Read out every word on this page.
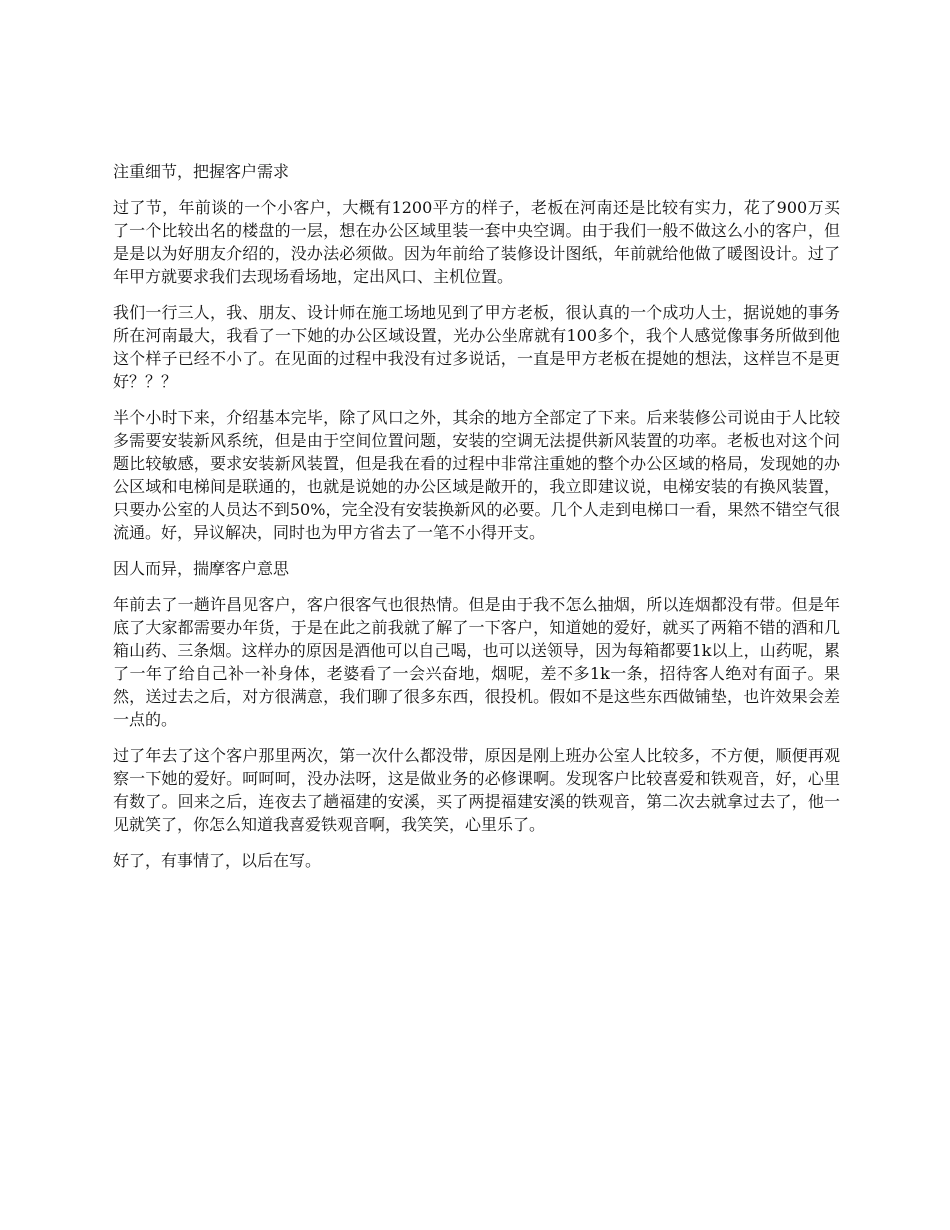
注重细节，把握客户需求

过了节，年前谈的一个小客户，大概有1200平方的样子，老板在河南还是比较有实力，花了900万买了一个比较出名的楼盘的一层，想在办公区域里装一套中央空调。由于我们一般不做这么小的客户，但是是以为好朋友介绍的，没办法必须做。因为年前给了装修设计图纸，年前就给他做了暖图设计。过了年甲方就要求我们去现场看场地，定出风口、主机位置。

我们一行三人，我、朋友、设计师在施工场地见到了甲方老板，很认真的一个成功人士，据说她的事务所在河南最大，我看了一下她的办公区域设置，光办公坐席就有100多个，我个人感觉像事务所做到他这个样子已经不小了。在见面的过程中我没有过多说话，一直是甲方老板在提她的想法，这样岂不是更好？？？

半个小时下来，介绍基本完毕，除了风口之外，其余的地方全部定了下来。后来装修公司说由于人比较多需要安装新风系统，但是由于空间位置问题，安装的空调无法提供新风装置的功率。老板也对这个问题比较敏感，要求安装新风装置，但是我在看的过程中非常注重她的整个办公区域的格局，发现她的办公区域和电梯间是联通的，也就是说她的办公区域是敞开的，我立即建议说，电梯安装的有换风装置，只要办公室的人员达不到50%，完全没有安装换新风的必要。几个人走到电梯口一看，果然不错空气很流通。好，异议解决，同时也为甲方省去了一笔不小得开支。

因人而异，揣摩客户意思

年前去了一趟许昌见客户，客户很客气也很热情。但是由于我不怎么抽烟，所以连烟都没有带。但是年底了大家都需要办年货，于是在此之前我就了解了一下客户，知道她的爱好，就买了两箱不错的酒和几箱山药、三条烟。这样办的原因是酒他可以自己喝，也可以送领导，因为每箱都要1k以上，山药呢，累了一年了给自己补一补身体，老婆看了一会兴奋地，烟呢，差不多1k一条，招待客人绝对有面子。果然，送过去之后，对方很满意，我们聊了很多东西，很投机。假如不是这些东西做铺垫，也许效果会差一点的。

过了年去了这个客户那里两次，第一次什么都没带，原因是刚上班办公室人比较多，不方便，顺便再观察一下她的爱好。呵呵呵，没办法呀，这是做业务的必修课啊。发现客户比较喜爱和铁观音，好，心里有数了。回来之后，连夜去了趟福建的安溪，买了两提福建安溪的铁观音，第二次去就拿过去了，他一见就笑了，你怎么知道我喜爱铁观音啊，我笑笑，心里乐了。

好了，有事情了，以后在写。
